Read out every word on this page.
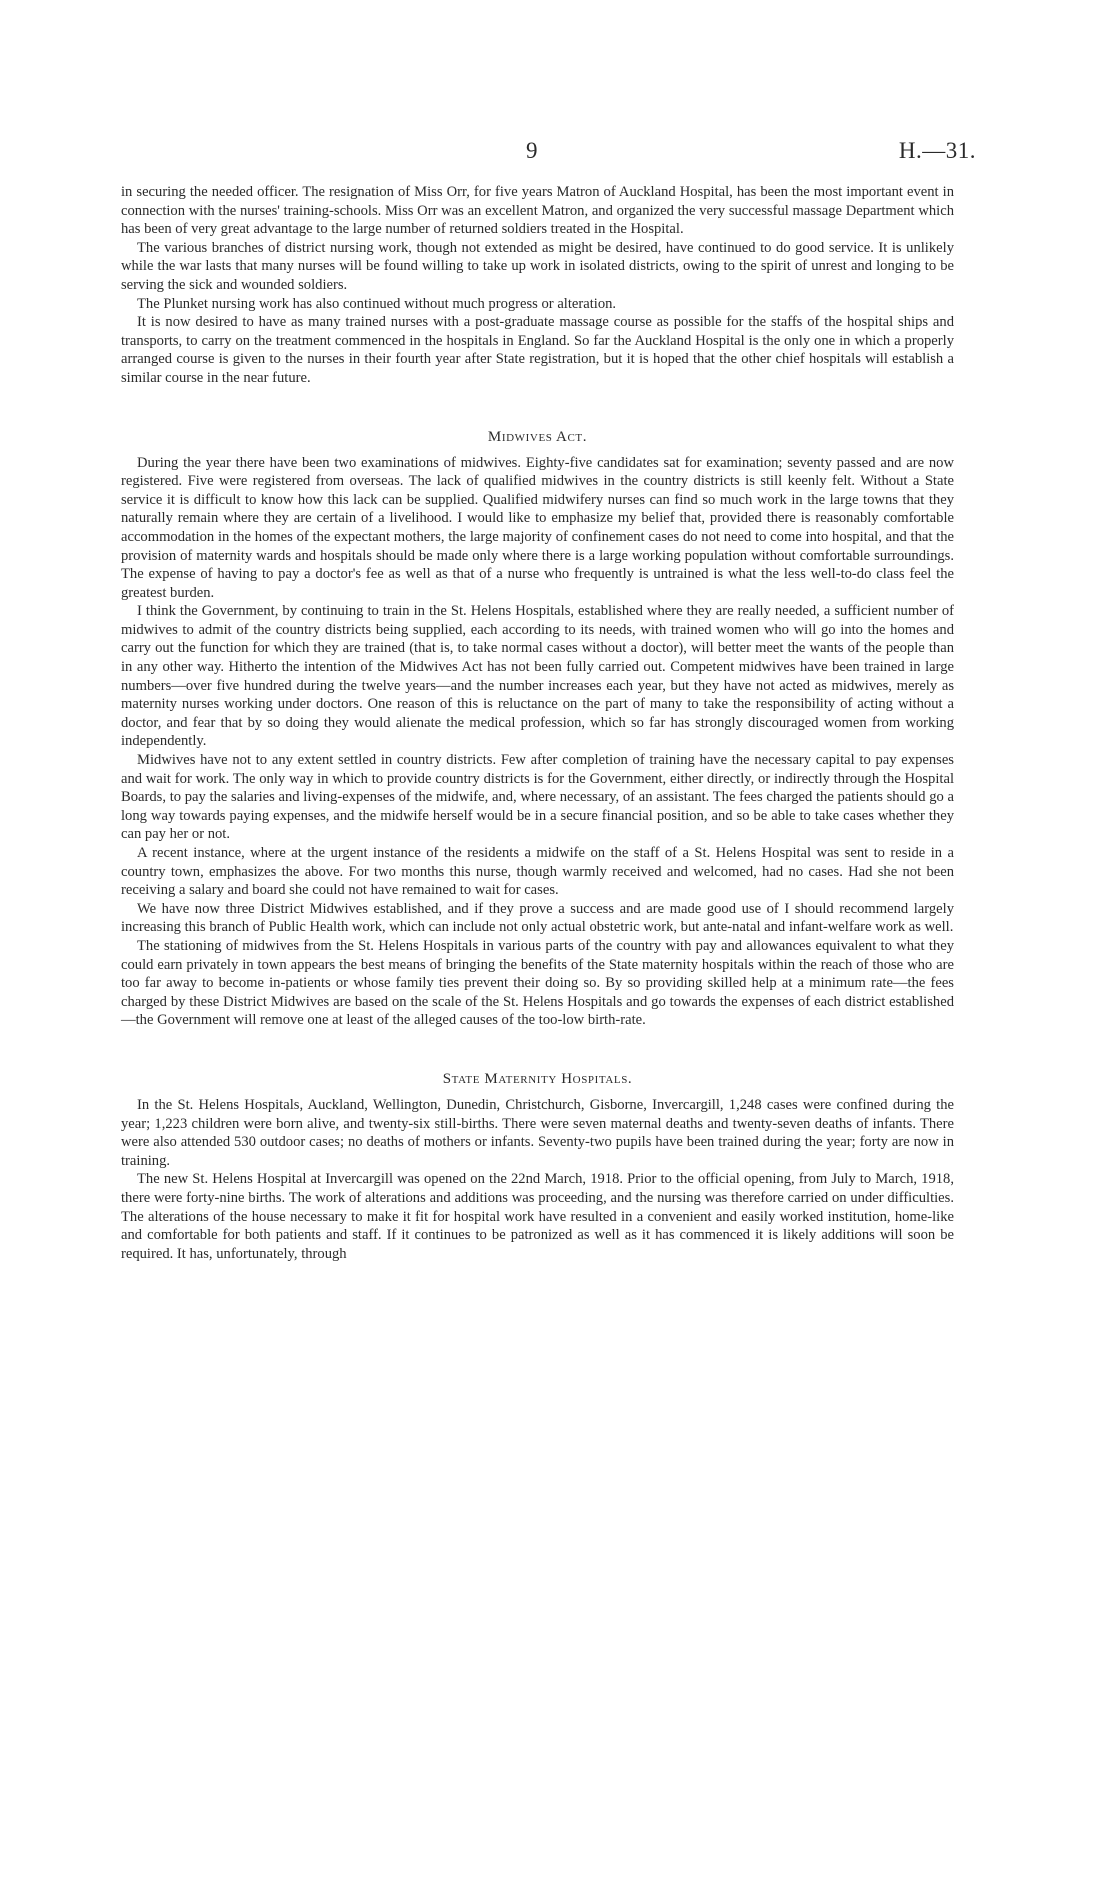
9	H.—31.

in securing the needed officer. The resignation of Miss Orr, for five years Matron of Auckland Hospital, has been the most important event in connection with the nurses' training-schools. Miss Orr was an excellent Matron, and organized the very successful massage Department which has been of very great advantage to the large number of returned soldiers treated in the Hospital.

The various branches of district nursing work, though not extended as might be desired, have continued to do good service. It is unlikely while the war lasts that many nurses will be found willing to take up work in isolated districts, owing to the spirit of unrest and longing to be serving the sick and wounded soldiers.

The Plunket nursing work has also continued without much progress or alteration.

It is now desired to have as many trained nurses with a post-graduate massage course as possible for the staffs of the hospital ships and transports, to carry on the treatment commenced in the hospitals in England. So far the Auckland Hospital is the only one in which a properly arranged course is given to the nurses in their fourth year after State registration, but it is hoped that the other chief hospitals will establish a similar course in the near future.

Midwives Act.

During the year there have been two examinations of midwives. Eighty-five candidates sat for examination; seventy passed and are now registered. Five were registered from overseas. The lack of qualified midwives in the country districts is still keenly felt. Without a State service it is difficult to know how this lack can be supplied. Qualified midwifery nurses can find so much work in the large towns that they naturally remain where they are certain of a livelihood. I would like to emphasize my belief that, provided there is reasonably comfortable accommodation in the homes of the expectant mothers, the large majority of confinement cases do not need to come into hospital, and that the provision of maternity wards and hospitals should be made only where there is a large working population without comfortable surroundings. The expense of having to pay a doctor's fee as well as that of a nurse who frequently is untrained is what the less well-to-do class feel the greatest burden.

I think the Government, by continuing to train in the St. Helens Hospitals, established where they are really needed, a sufficient number of midwives to admit of the country districts being supplied, each according to its needs, with trained women who will go into the homes and carry out the function for which they are trained (that is, to take normal cases without a doctor), will better meet the wants of the people than in any other way. Hitherto the intention of the Midwives Act has not been fully carried out. Competent midwives have been trained in large numbers—over five hundred during the twelve years—and the number increases each year, but they have not acted as midwives, merely as maternity nurses working under doctors. One reason of this is reluctance on the part of many to take the responsibility of acting without a doctor, and fear that by so doing they would alienate the medical profession, which so far has strongly discouraged women from working independently.

Midwives have not to any extent settled in country districts. Few after completion of training have the necessary capital to pay expenses and wait for work. The only way in which to provide country districts is for the Government, either directly, or indirectly through the Hospital Boards, to pay the salaries and living-expenses of the midwife, and, where necessary, of an assistant. The fees charged the patients should go a long way towards paying expenses, and the midwife herself would be in a secure financial position, and so be able to take cases whether they can pay her or not.

A recent instance, where at the urgent instance of the residents a midwife on the staff of a St. Helens Hospital was sent to reside in a country town, emphasizes the above. For two months this nurse, though warmly received and welcomed, had no cases. Had she not been receiving a salary and board she could not have remained to wait for cases.

We have now three District Midwives established, and if they prove a success and are made good use of I should recommend largely increasing this branch of Public Health work, which can include not only actual obstetric work, but ante-natal and infant-welfare work as well.

The stationing of midwives from the St. Helens Hospitals in various parts of the country with pay and allowances equivalent to what they could earn privately in town appears the best means of bringing the benefits of the State maternity hospitals within the reach of those who are too far away to become in-patients or whose family ties prevent their doing so. By so providing skilled help at a minimum rate—the fees charged by these District Midwives are based on the scale of the St. Helens Hospitals and go towards the expenses of each district established—the Government will remove one at least of the alleged causes of the too-low birth-rate.

State Maternity Hospitals.

In the St. Helens Hospitals, Auckland, Wellington, Dunedin, Christchurch, Gisborne, Invercargill, 1,248 cases were confined during the year; 1,223 children were born alive, and twenty-six still-births. There were seven maternal deaths and twenty-seven deaths of infants. There were also attended 530 outdoor cases; no deaths of mothers or infants. Seventy-two pupils have been trained during the year; forty are now in training.

The new St. Helens Hospital at Invercargill was opened on the 22nd March, 1918. Prior to the official opening, from July to March, 1918, there were forty-nine births. The work of alterations and additions was proceeding, and the nursing was therefore carried on under difficulties. The alterations of the house necessary to make it fit for hospital work have resulted in a convenient and easily worked institution, home-like and comfortable for both patients and staff. If it continues to be patronized as well as it has commenced it is likely additions will soon be required. It has, unfortunately, through
